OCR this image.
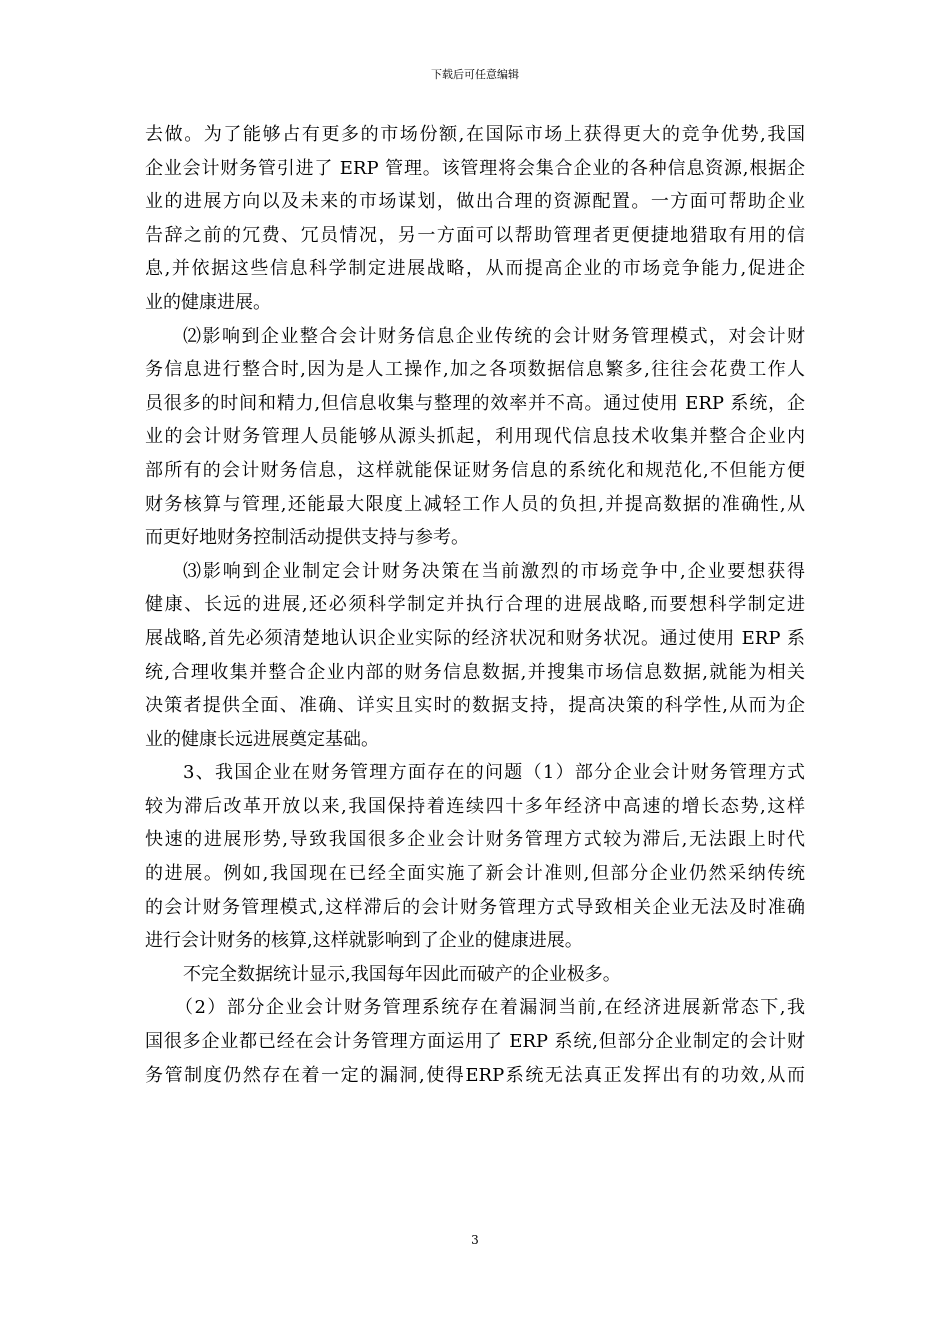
下载后可任意编辑
去做。为了能够占有更多的市场份额,在国际市场上获得更大的竞争优势,我国
企业会计财务管引进了 ERP 管理。该管理将会集合企业的各种信息资源,根据企
业的进展方向以及未来的市场谋划，做出合理的资源配置。一方面可帮助企业
告辞之前的冗费、冗员情况，另一方面可以帮助管理者更便捷地猎取有用的信
息,并依据这些信息科学制定进展战略，从而提高企业的市场竞争能力,促进企
业的健康进展。
⑵影响到企业整合会计财务信息企业传统的会计财务管理模式，对会计财
务信息进行整合时,因为是人工操作,加之各项数据信息繁多,往往会花费工作人
员很多的时间和精力,但信息收集与整理的效率并不高。通过使用 ERP 系统，企
业的会计财务管理人员能够从源头抓起，利用现代信息技术收集并整合企业内
部所有的会计财务信息，这样就能保证财务信息的系统化和规范化,不但能方便
财务核算与管理,还能最大限度上减轻工作人员的负担,并提高数据的准确性,从
而更好地财务控制活动提供支持与参考。
⑶影响到企业制定会计财务决策在当前激烈的市场竞争中,企业要想获得
健康、长远的进展,还必须科学制定并执行合理的进展战略,而要想科学制定进
展战略,首先必须清楚地认识企业实际的经济状况和财务状况。通过使用 ERP 系
统,合理收集并整合企业内部的财务信息数据,并搜集市场信息数据,就能为相关
决策者提供全面、准确、详实且实时的数据支持，提高决策的科学性,从而为企
业的健康长远进展奠定基础。
3、我国企业在财务管理方面存在的问题（1）部分企业会计财务管理方式
较为滞后改革开放以来,我国保持着连续四十多年经济中高速的增长态势,这样
快速的进展形势,导致我国很多企业会计财务管理方式较为滞后,无法跟上时代
的进展。例如,我国现在已经全面实施了新会计准则,但部分企业仍然采纳传统
的会计财务管理模式,这样滞后的会计财务管理方式导致相关企业无法及时准确
进行会计财务的核算,这样就影响到了企业的健康进展。
不完全数据统计显示,我国每年因此而破产的企业极多。
（2）部分企业会计财务管理系统存在着漏洞当前,在经济进展新常态下,我
国很多企业都已经在会计务管理方面运用了 ERP 系统,但部分企业制定的会计财
务管制度仍然存在着一定的漏洞,使得ERP系统无法真正发挥出有的功效,从而
3
